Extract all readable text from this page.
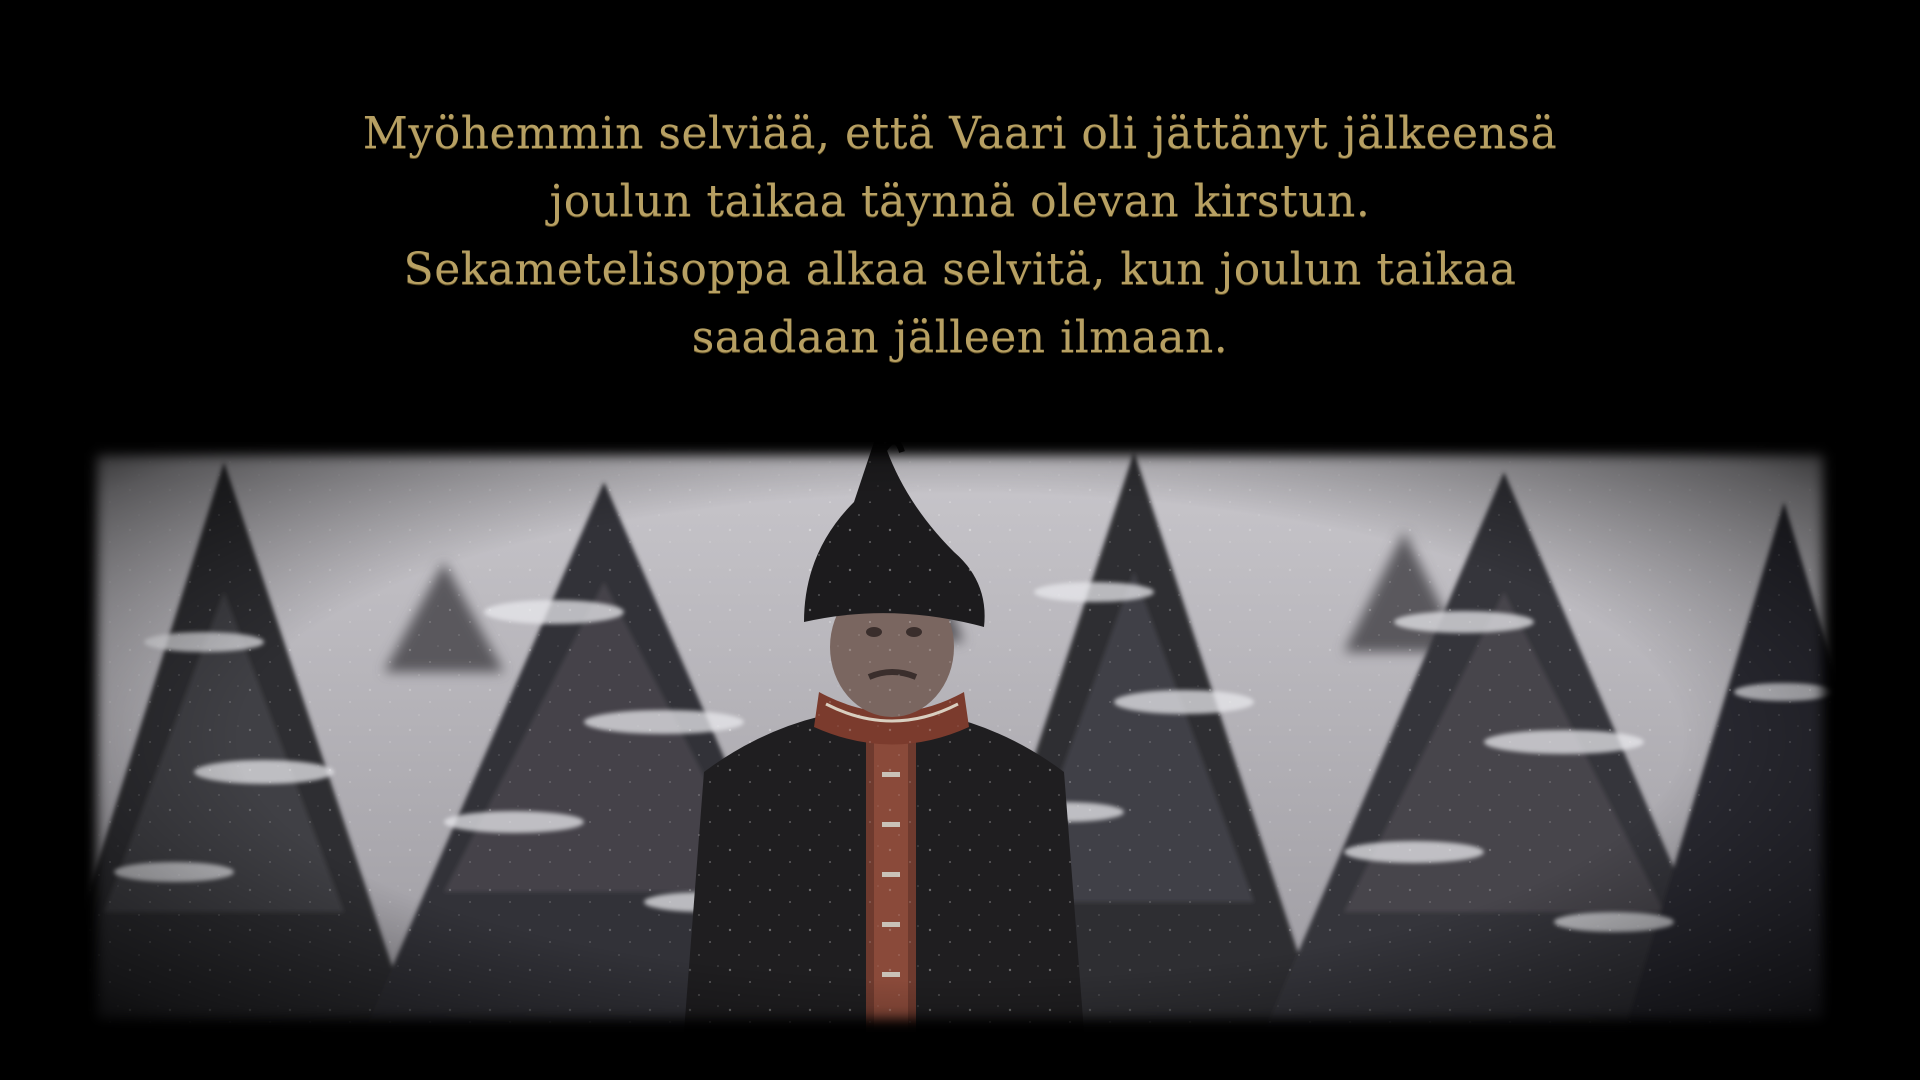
Myöhemmin selviää, että Vaari oli jättänyt jälkeensä
joulun taikaa täynnä olevan kirstun.
Sekametelisoppa alkaa selvitä, kun joulun taikaa
saadaan jälleen ilmaan.
